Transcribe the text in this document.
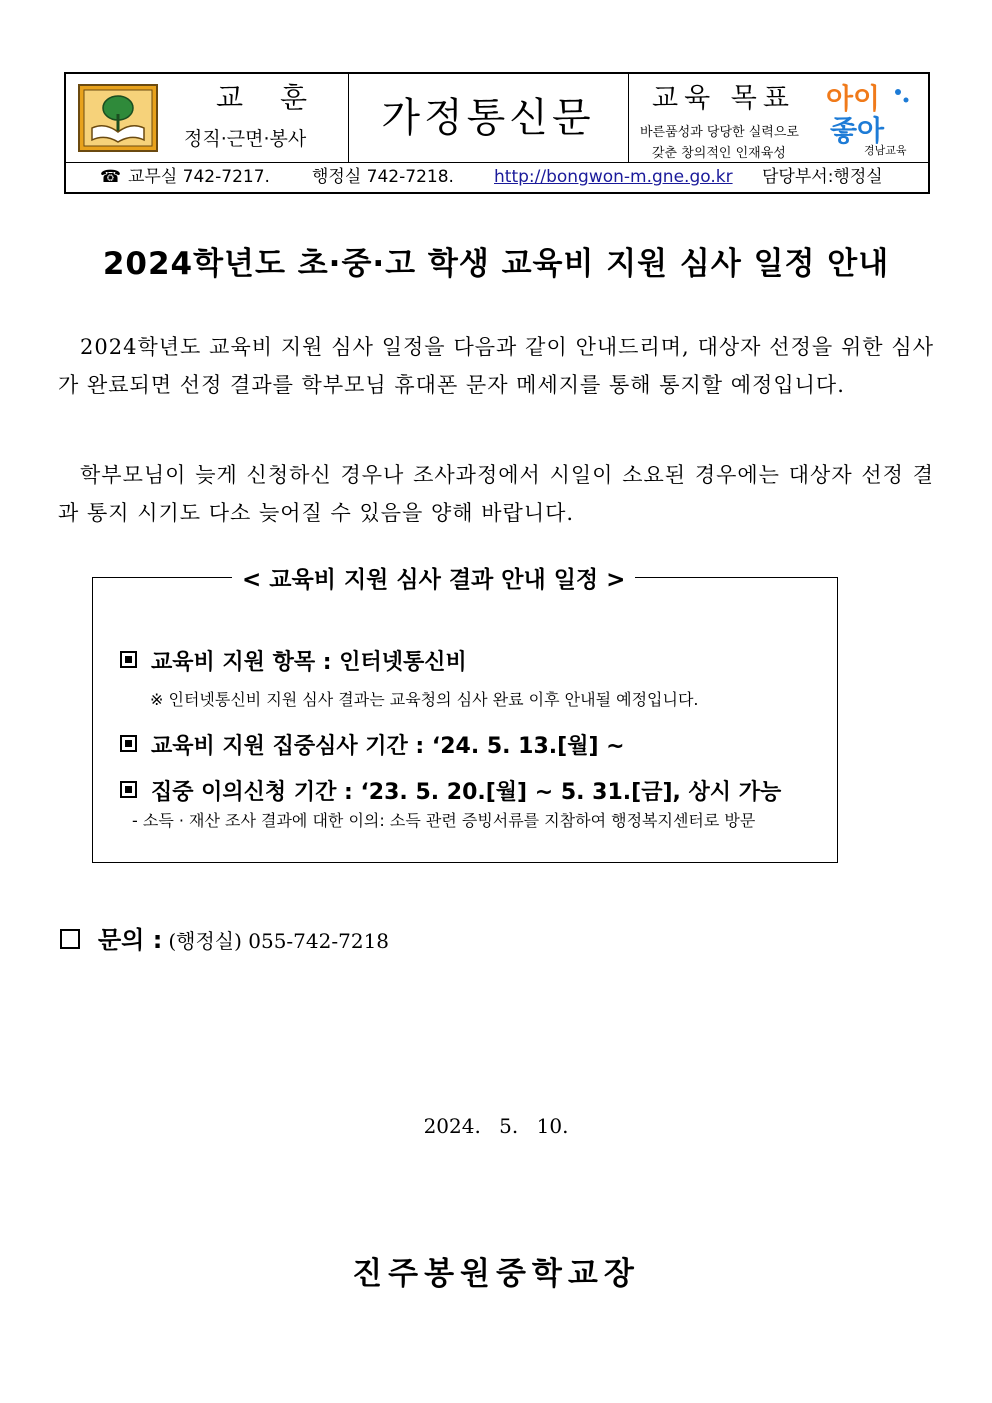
교 훈
정직·근면·봉사	가정통신문	교육 목표
바른품성과 당당한 실력으로
갖춘 창의적인 인재육성
아이
좋아
경남교육
☎ 교무실 742-7217. 행정실 742-7218. http://bongwon-m.gne.go.kr 담당부서:행정실
2024학년도 초·중·고 학생 교육비 지원 심사 일정 안내
2024학년도 교육비 지원 심사 일정을 다음과 같이 안내드리며, 대상자 선정을 위한 심사가 완료되면 선정 결과를 학부모님 휴대폰 문자 메세지를 통해 통지할 예정입니다.
학부모님이 늦게 신청하신 경우나 조사과정에서 시일이 소요된 경우에는 대상자 선정 결과 통지 시기도 다소 늦어질 수 있음을 양해 바랍니다.
< 교육비 지원 심사 결과 안내 일정 >
교육비 지원 항목 : 인터넷통신비
※ 인터넷통신비 지원 심사 결과는 교육청의 심사 완료 이후 안내될 예정입니다.
교육비 지원 집중심사 기간 : ‘24. 5. 13.[월] ~
집중 이의신청 기간 : ‘23. 5. 20.[월] ~ 5. 31.[금], 상시 가능
- 소득 · 재산 조사 결과에 대한 이의: 소득 관련 증빙서류를 지참하여 행정복지센터로 방문
문의 : (행정실) 055-742-7218
2024. 5. 10.
진주봉원중학교장
